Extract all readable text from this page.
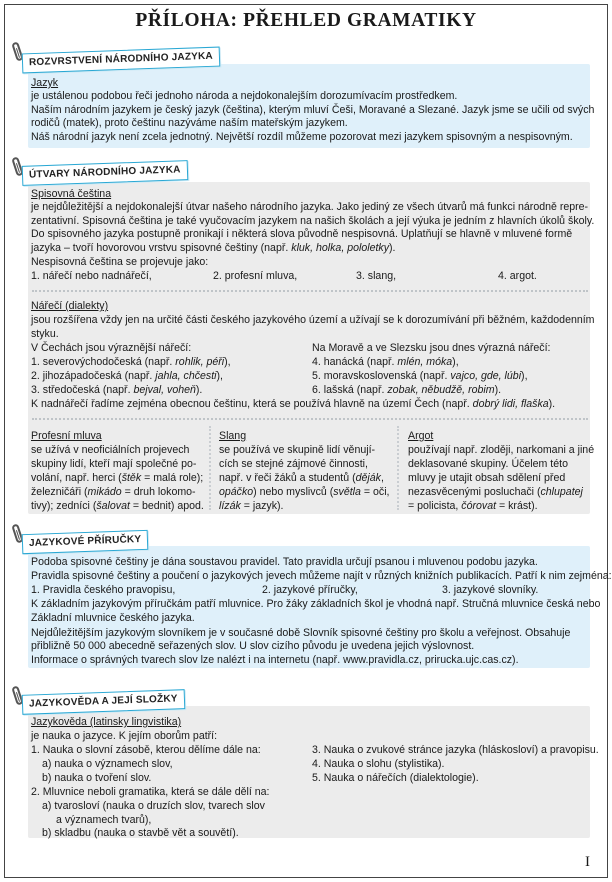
PŘÍLOHA: PŘEHLED GRAMATIKY
ROZVRSTVENÍ NÁRODNÍHO JAZYKA
Jazyk
je ustálenou podobou řeči jednoho národa a nejdokonalejším dorozumívacím prostředkem.
Naším národním jazykem je český jazyk (čeština), kterým mluví Češi, Moravané a Slezané. Jazyk jsme se učili od svých
rodičů (matek), proto češtinu nazýváme naším mateřským jazykem.
Náš národní jazyk není zcela jednotný. Největší rozdíl můžeme pozorovat mezi jazykem spisovným a nespisovným.
ÚTVARY NÁRODNÍHO JAZYKA
Spisovná čeština
je nejdůležitější a nejdokonalejší útvar našeho národního jazyka. Jako jediný ze všech útvarů má funkci národně repre-
zentativní. Spisovná čeština je také vyučovacím jazykem na našich školách a její výuka je jedním z hlavních úkolů školy.
Do spisovného jazyka postupně pronikají i některá slova původně nespisovná. Uplatňují se hlavně v mluvené formě
jazyka – tvoří hovorovou vrstvu spisovné češtiny (např. kluk, holka, pololetky).
Nespisovná čeština se projevuje jako:
1. nářečí nebo nadnářečí,	2. profesní mluva,	3. slang,	4. argot.
Nářečí (dialekty)
jsou rozšířena vždy jen na určité části českého jazykového území a užívají se k dorozumívání při běžném, každodenním
styku.
V Čechách jsou výraznější nářečí:
1. severovýchodočeská (např. rohlik, péři),
2. jihozápadočeská (např. jahla, chčesti),
3. středočeská (např. bejval, voheň).
Na Moravě a ve Slezsku jsou dnes výrazná nářečí:
4. hanácká (např. mlén, móka),
5. moravskoslovenská (např. vajco, gde, lúbi),
6. lašská (např. zobak, něbudžě, robim).
K nadnářečí řadíme zejména obecnou češtinu, která se používá hlavně na území Čech (např. dobrý lidi, flaška).
Profesní mluva
se užívá v neoficiálních projevech
skupiny lidí, kteří mají společné po-
volání, např. herci (štěk = malá role);
železničáři (mikádo = druh lokomo-
tivy); zedníci (šalovat = bednit) apod.
Slang
se používá ve skupině lidí věnují-
cích se stejné zájmové činnosti,
např. v řeči žáků a studentů (děják,
opáčko) nebo myslivců (světla = oči,
lízák = jazyk).
Argot
používají např. zloději, narkomani a jiné
deklasované skupiny. Účelem této
mluvy je utajit obsah sdělení před
nezasvěcenými posluchači (chlupatej
= policista, čórovat = krást).
JAZYKOVÉ PŘÍRUČKY
Podoba spisovné češtiny je dána soustavou pravidel. Tato pravidla určují psanou i mluvenou podobu jazyka.
Pravidla spisovné češtiny a poučení o jazykových jevech můžeme najít v různých knižních publikacích. Patří k nim zejména:
1. Pravidla českého pravopisu,	2. jazykové příručky,	3. jazykové slovníky.
K základním jazykovým příručkám patří mluvnice. Pro žáky základních škol je vhodná např. Stručná mluvnice česká nebo
Základní mluvnice českého jazyka.
Nejdůležitějším jazykovým slovníkem je v současné době Slovník spisovné češtiny pro školu a veřejnost. Obsahuje
přibližně 50 000 abecedně seřazených slov. U slov cizího původu je uvedena jejich výslovnost.
Informace o správných tvarech slov lze nalézt i na internetu (např. www.pravidla.cz, prirucka.ujc.cas.cz).
JAZYKOVĚDA A JEJÍ SLOŽKY
Jazykověda (latinsky lingvistika)
je nauka o jazyce. K jejím oborům patří:
1. Nauka o slovní zásobě, kterou dělíme dále na:
a) nauka o významech slov,
b) nauka o tvoření slov.
2. Mluvnice neboli gramatika, která se dále dělí na:
a) tvarosloví (nauka o druzích slov, tvarech slov
a významech tvarů),
b) skladbu (nauka o stavbě vět a souvětí).
3. Nauka o zvukové stránce jazyka (hláskosloví) a pravopisu.
4. Nauka o slohu (stylistika).
5. Nauka o nářečích (dialektologie).
I
